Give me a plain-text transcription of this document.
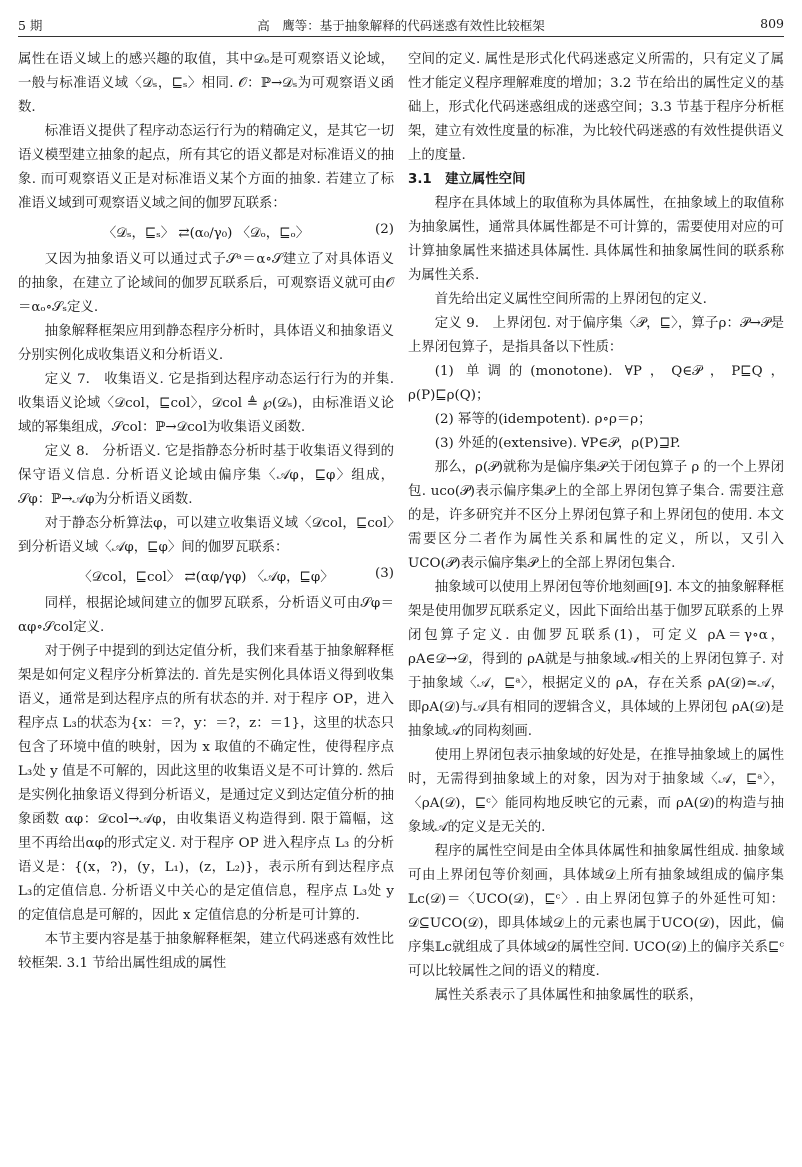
5 期	高　鹰等：基于抽象解释的代码迷惑有效性比较框架	809

属性在语义域上的感兴趣的取值，其中𝒟ₒ是可观察语义论域，一般与标准语义域〈𝒟ₛ，⊑ₛ〉相同. 𝒪：ℙ→𝒟ₛ为可观察语义函数.

标准语义提供了程序动态运行行为的精确定义，是其它一切语义模型建立抽象的起点，所有其它的语义都是对标准语义的抽象. 而可观察语义正是对标准语义某个方面的抽象. 若建立了标准语义域到可观察语义域之间的伽罗瓦联系：

〈𝒟ₛ，⊑ₛ〉 ⇄(α₀/γ₀) 〈𝒟ₒ，⊑ₒ〉	(2)

又因为抽象语义可以通过式子𝒮ᵃ＝α∘𝒮建立了对具体语义的抽象，在建立了论域间的伽罗瓦联系后，可观察语义就可由𝒪＝αₒ∘𝒮ₛ定义.

抽象解释框架应用到静态程序分析时，具体语义和抽象语义分别实例化成收集语义和分析语义.

定义 7.　收集语义. 它是指到达程序动态运行行为的并集. 收集语义论域〈𝒟col，⊑col〉，𝒟col ≜ ℘(𝒟ₛ)，由标准语义论域的幂集组成，𝒮col：ℙ→𝒟col为收集语义函数.

定义 8.　分析语义. 它是指静态分析时基于收集语义得到的保守语义信息. 分析语义论域由偏序集〈𝒜φ，⊑φ〉组成，𝒮φ：ℙ→𝒜φ为分析语义函数.

对于静态分析算法φ，可以建立收集语义域〈𝒟col，⊑col〉到分析语义域〈𝒜φ，⊑φ〉间的伽罗瓦联系：

〈𝒟col，⊑col〉 ⇄(αφ/γφ) 〈𝒜φ，⊑φ〉	(3)

同样，根据论域间建立的伽罗瓦联系，分析语义可由𝒮φ＝αφ∘𝒮col定义.

对于例子中提到的到达定值分析，我们来看基于抽象解释框架是如何定义程序分析算法的. 首先是实例化具体语义得到收集语义，通常是到达程序点的所有状态的并. 对于程序 OP，进入程序点 L₃的状态为{x：＝?，y：＝?，z：＝1}，这里的状态只包含了环境中值的映射，因为 x 取值的不确定性，使得程序点 L₃处 y 值是不可解的，因此这里的收集语义是不可计算的. 然后是实例化抽象语义得到分析语义，是通过定义到达定值分析的抽象函数 αφ：𝒟col→𝒜φ，由收集语义构造得到. 限于篇幅，这里不再给出αφ的形式定义. 对于程序 OP 进入程序点 L₃ 的分析语义是：{(x，?)，(y，L₁)，(z，L₂)}，表示所有到达程序点 L₃的定值信息. 分析语义中关心的是定值信息，程序点 L₃处 y 的定值信息是可解的，因此 x 定值信息的分析是可计算的.

本节主要内容是基于抽象解释框架，建立代码迷惑有效性比较框架. 3.1 节给出属性组成的属性

空间的定义. 属性是形式化代码迷惑定义所需的，只有定义了属性才能定义程序理解难度的增加；3.2 节在给出的属性定义的基础上，形式化代码迷惑组成的迷惑空间；3.3 节基于程序分析框架，建立有效性度量的标准，为比较代码迷惑的有效性提供语义上的度量.

3.1　建立属性空间

程序在具体域上的取值称为具体属性，在抽象域上的取值称为抽象属性，通常具体属性都是不可计算的，需要使用对应的可计算抽象属性来描述具体属性. 具体属性和抽象属性间的联系称为属性关系.

首先给出定义属性空间所需的上界闭包的定义.

定义 9.　上界闭包. 对于偏序集〈𝒫，⊑〉，算子ρ：𝒫→𝒫是上界闭包算子，是指具备以下性质：

(1) 单调的(monotone). ∀P，Q∈𝒫，P⊑Q，ρ(P)⊑ρ(Q)；

(2) 幂等的(idempotent). ρ∘ρ＝ρ；

(3) 外延的(extensive). ∀P∈𝒫，ρ(P)⊒P.

那么，ρ(𝒫)就称为是偏序集𝒫关于闭包算子 ρ 的一个上界闭包. uco(𝒫)表示偏序集𝒫上的全部上界闭包算子集合. 需要注意的是，许多研究并不区分上界闭包算子和上界闭包的使用. 本文需要区分二者作为属性关系和属性的定义，所以，又引入UCO(𝒫)表示偏序集𝒫上的全部上界闭包集合.

抽象域可以使用上界闭包等价地刻画[9]. 本文的抽象解释框架是使用伽罗瓦联系定义，因此下面给出基于伽罗瓦联系的上界闭包算子定义. 由伽罗瓦联系(1)，可定义 ρA＝γ∘α，ρA∈𝒟→𝒟，得到的 ρA就是与抽象域𝒜相关的上界闭包算子. 对于抽象域〈𝒜，⊑ᵃ〉，根据定义的 ρA，存在关系 ρA(𝒟)≃𝒜，即ρA(𝒟)与𝒜具有相同的逻辑含义，具体域的上界闭包 ρA(𝒟)是抽象域𝒜的同构刻画.

使用上界闭包表示抽象域的好处是，在推导抽象域上的属性时，无需得到抽象域上的对象，因为对于抽象域〈𝒜，⊑ᵃ〉，〈ρA(𝒟)，⊑ᶜ〉能同构地反映它的元素，而 ρA(𝒟)的构造与抽象域𝒜的定义是无关的.

程序的属性空间是由全体具体属性和抽象属性组成. 抽象域可由上界闭包等价刻画，具体域𝒟上所有抽象域组成的偏序集𝕃c(𝒟)＝〈UCO(𝒟)，⊑ᶜ〉. 由上界闭包算子的外延性可知：𝒟⊆UCO(𝒟)，即具体域𝒟上的元素也属于UCO(𝒟)，因此，偏序集𝕃c就组成了具体域𝒟的属性空间. UCO(𝒟)上的偏序关系⊑ᶜ可以比较属性之间的语义的精度.

属性关系表示了具体属性和抽象属性的联系，
